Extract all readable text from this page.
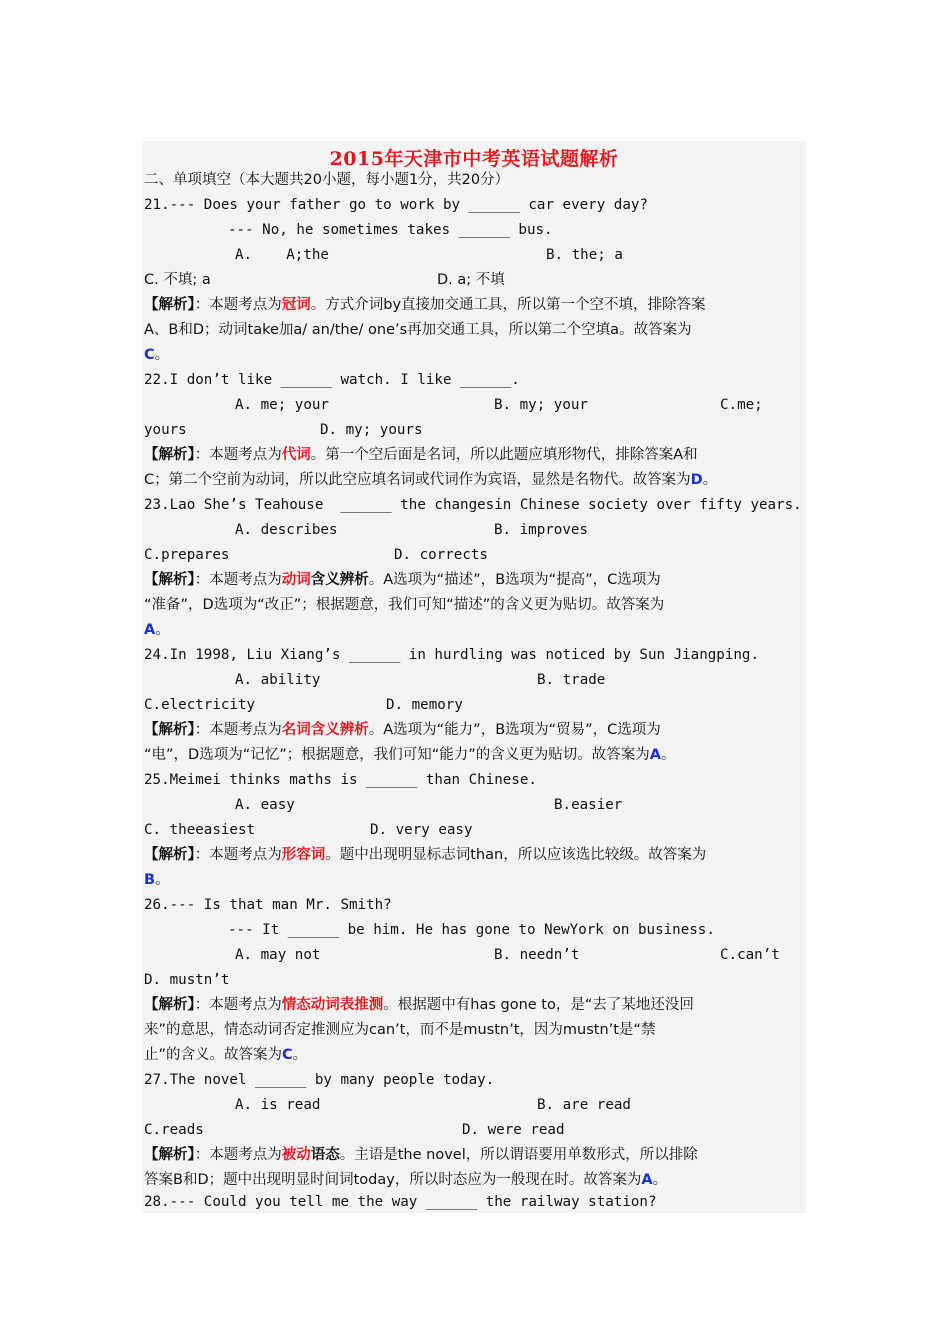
2015年天津市中考英语试题解析
二、单项填空（本大题共20小题，每小题1分，共20分）
21.--- Does your father go to work by ______ car every day?
--- No, he sometimes takes ______ bus.
A.    A;the	B. the; a
C. 不填; a	D. a; 不填
【解析】：本题考点为冠词。方式介词by直接加交通工具，所以第一个空不填，排除答案
A、B和D；动词take加a/ an/the/ one’s再加交通工具，所以第二个空填a。故答案为
C。
22.I don’t like ______ watch. I like ______.
A. me; your	B. my; your	C.me;
yours	D. my; yours
【解析】：本题考点为代词。第一个空后面是名词，所以此题应填形物代，排除答案A和
C；第二个空前为动词，所以此空应填名词或代词作为宾语，显然是名物代。故答案为D。
23.Lao She’s Teahouse  ______ the changesin Chinese society over fifty years.
A. describes	B. improves
C.prepares	D. corrects
【解析】：本题考点为动词含义辨析。A选项为“描述”，B选项为“提高”，C选项为
“准备”，D选项为“改正”；根据题意，我们可知“描述”的含义更为贴切。故答案为
A。
24.In 1998, Liu Xiang’s ______ in hurdling was noticed by Sun Jiangping.
A. ability	B. trade
C.electricity	D. memory
【解析】：本题考点为名词含义辨析。A选项为“能力”，B选项为“贸易”，C选项为
“电”，D选项为“记忆”；根据题意，我们可知“能力”的含义更为贴切。故答案为A。
25.Meimei thinks maths is ______ than Chinese.
A. easy	B.easier
C. theeasiest	D. very easy
【解析】：本题考点为形容词。题中出现明显标志词than，所以应该选比较级。故答案为
B。
26.--- Is that man Mr. Smith?
--- It ______ be him. He has gone to NewYork on business.
A. may not	B. needn’t	C.can’t
D. mustn’t
【解析】：本题考点为情态动词表推测。根据题中有has gone to，是“去了某地还没回
来”的意思，情态动词否定推测应为can’t，而不是mustn’t，因为mustn’t是“禁
止”的含义。故答案为C。
27.The novel ______ by many people today.
A. is read	B. are read
C.reads	D. were read
【解析】：本题考点为被动语态。主语是the novel，所以谓语要用单数形式，所以排除
答案B和D；题中出现明显时间词today，所以时态应为一般现在时。故答案为A。
28.--- Could you tell me the way ______ the railway station?
